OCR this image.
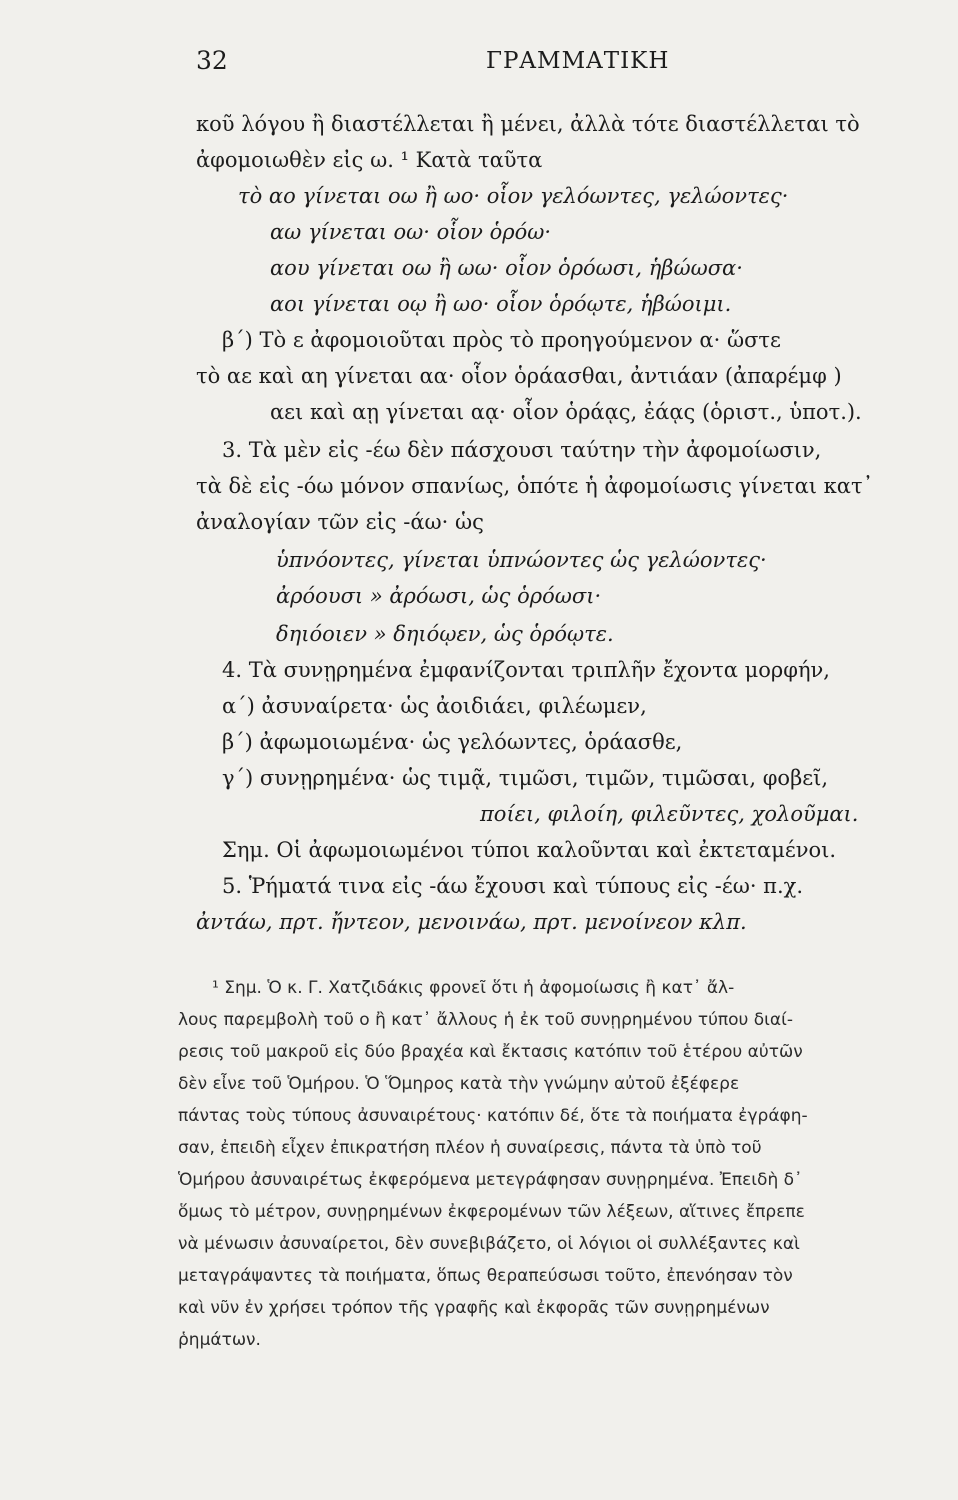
32	ΓΡΑΜΜΑΤΙΚΗ
κοῦ λόγου ἢ διαστέλλεται ἢ μένει, ἀλλὰ τότε διαστέλλεται τὸ
ἀφομοιωθὲν εἰς ω. ¹ Κατὰ ταῦτα
τὸ αο γίνεται οω ἢ ωο· οἷον γελόωντες, γελώοντες·
αω γίνεται οω· οἷον ὁρόω·
αου γίνεται οω ἢ ωω· οἷον ὁρόωσι, ἡβώωσα·
αοι γίνεται οῳ ἢ ωο· οἷον ὁρόῳτε, ἡβώοιμι.
β΄) Τὸ ε ἀφομοιοῦται πρὸς τὸ προηγούμενον α· ὥστε
τὸ αε καὶ αη γίνεται αα· οἷον ὁράασθαι, ἀντιάαν (ἀπαρέμφ )
αει καὶ αῃ γίνεται αᾳ· οἷον ὁράᾳς, ἐάᾳς (ὁριστ., ὑποτ.).
3. Τὰ μὲν εἰς -έω δὲν πάσχουσι ταύτην τὴν ἀφομοίωσιν,
τὰ δὲ εἰς -όω μόνον σπανίως, ὁπότε ἡ ἀφομοίωσις γίνεται κατ᾽
ἀναλογίαν τῶν εἰς -άω· ὡς
ὑπνόοντες, γίνεται ὑπνώοντες ὡς γελώοντες·
ἀρόουσι » ἀρόωσι, ὡς ὁρόωσι·
δηιόοιεν » δηιόῳεν, ὡς ὁρόῳτε.
4. Τὰ συνῃρημένα ἐμφανίζονται τριπλῆν ἔχοντα μορφήν,
α΄) ἀσυναίρετα· ὡς ἀοιδιάει, φιλέωμεν,
β΄) ἀφωμοιωμένα· ὡς γελόωντες, ὁράασθε,
γ΄) συνῃρημένα· ὡς τιμᾷ, τιμῶσι, τιμῶν, τιμῶσαι, φοβεῖ,
ποίει, φιλοίη, φιλεῦντες, χολοῦμαι.
Σημ. Οἱ ἀφωμοιωμένοι τύποι καλοῦνται καὶ ἐκτεταμένοι.
5. Ῥήματά τινα εἰς -άω ἔχουσι καὶ τύπους εἰς -έω· π.χ.
ἀντάω, πρτ. ἤντεον, μενοινάω, πρτ. μενοίνεον κλπ.
¹ Σημ. Ὁ κ. Γ. Χατζιδάκις φρονεῖ ὅτι ἡ ἀφομοίωσις ἢ κατ᾽ ἄλ-
λους παρεμβολὴ τοῦ ο ἢ κατ᾽ ἄλλους ἡ ἐκ τοῦ συνῃρημένου τύπου διαί-
ρεσις τοῦ μακροῦ εἰς δύο βραχέα καὶ ἔκτασις κατόπιν τοῦ ἑτέρου αὐτῶν
δὲν εἶνε τοῦ Ὁμήρου. Ὁ Ὅμηρος κατὰ τὴν γνώμην αὐτοῦ ἐξέφερε
πάντας τοὺς τύπους ἀσυναιρέτους· κατόπιν δέ, ὅτε τὰ ποιήματα ἐγράφη-
σαν, ἐπειδὴ εἶχεν ἐπικρατήση πλέον ἡ συναίρεσις, πάντα τὰ ὑπὸ τοῦ
Ὁμήρου ἀσυναιρέτως ἐκφερόμενα μετεγράφησαν συνῃρημένα. Ἐπειδὴ δ᾽
ὅμως τὸ μέτρον, συνῃρημένων ἐκφερομένων τῶν λέξεων, αἵτινες ἔπρεπε
νὰ μένωσιν ἀσυναίρετοι, δὲν συνεβιβάζετο, οἱ λόγιοι οἱ συλλέξαντες καὶ
μεταγράψαντες τὰ ποιήματα, ὅπως θεραπεύσωσι τοῦτο, ἐπενόησαν τὸν
καὶ νῦν ἐν χρήσει τρόπον τῆς γραφῆς καὶ ἐκφορᾶς τῶν συνῃρημένων
ῥημάτων.
